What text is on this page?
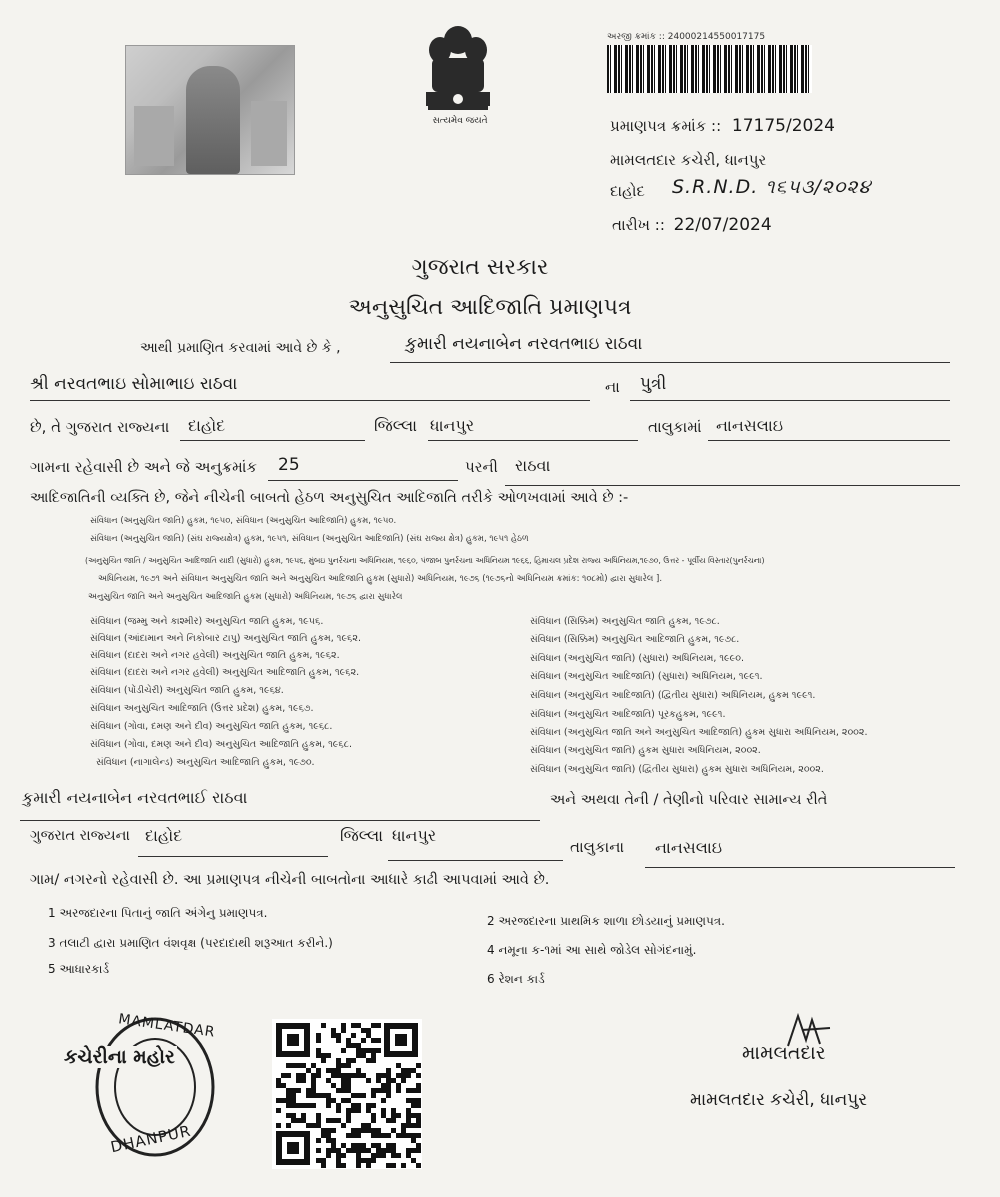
સત્યમેવ જયતે
અરજી ક્રમાંક :: 24000214550017175
પ્રમાણપત્ર ક્રમાંક :: 17175/2024
મામલતદાર કચેરી, ધાનપુર
દાહોદ S.R.N.D. ૧૬૫૩/૨૦૨૪
તારીખ :: 22/07/2024
ગુજરાત સરકાર
અનુસુચિત આદિજાતિ પ્રમાણપત્ર
આથી પ્રમાણિત કરવામાં આવે છે કે ,	કુમારી નયનાબેન નરવતભાઇ રાઠવા
શ્રી નરવતભાઇ સોમાભાઇ રાઠવા	ના પુત્રી
છે, તે ગુજરાત રાજ્યના દાહોદ	જિલ્લા ધાનપુર	તાલુકામાં નાનસલાઇ
ગામના રહેવાસી છે અને જે અનુક્રમાંક 25	પરની રાઠવા
આદિજાતિની વ્યક્તિ છે, જેને નીચેની બાબતો હેઠળ અનુસુચિત આદિજાતિ તરીકે ઓળખવામાં આવે છે :-
સંવિધાન (અનુસુચિત જાતિ) હુકમ, ૧૯૫૦, સંવિધાન (અનુસુચિત આદિજાતિ) હુકમ, ૧૯૫૦.
સંવિધાન (અનુસુચિત જાતિ) (સંઘ રાજ્યક્ષેત્ર) હુકમ, ૧૯૫૧, સંવિધાન (અનુસુચિત આદિજાતિ) (સંઘ રાજ્ય ક્ષેત્ર) હુકમ, ૧૯૫૧ હેઠળ
(અનુસુચિત જાતિ / અનુસુચિત આદિજાતિ યાદી (સુધારો) હુકમ, ૧૯૫૬, મુંબઇ પુનર્રચના અધિનિયમ, ૧૯૬૦, પંજાબ પુનર્રચના અધિનિયમ ૧૯૬૬, હિમાચલ પ્રદેશ રાજ્ય અધિનિયમ,૧૯૭૦, ઉત્તર - પૂર્વીય વિસ્તાર(પુનર્રચના)
અધિનિયમ, ૧૯૭૧ અને સંવિધાન અનુસુચિત જાતિ અને અનુસુચિત આદિજાતિ હુકમ (સુધારો) અધિનિયમ, ૧૯૭૬ (૧૯૭૬નો અધિનિયમ ક્રમાંક: ૧૦૮મો) દ્વારા સુધારેલ ].
અનુસુચિત જાતિ અને અનુસુચિત આદિજાતિ હુકમ (સુધારો) અધિનિયમ, ૧૯૭૬ દ્વારા સુધારેલ
સંવિધાન (જમ્મુ અને કાશ્મીર) અનુસુચિત જાતિ હુકમ, ૧૯૫૬.
સંવિધાન (આંદામાન અને નિકોબાર ટાપુ) અનુસુચિત જાતિ હુકમ, ૧૯૬૨.
સંવિધાન (દાદરા અને નગર હવેલી) અનુસુચિત જાતિ હુકમ, ૧૯૬૨.
સંવિધાન (દાદરા અને નગર હવેલી) અનુસુચિત આદિજાતિ હુકમ, ૧૯૬૨.
સંવિધાન (પોંડીચેરી) અનુસુચિત જાતિ હુકમ, ૧૯૬૪.
સંવિધાન અનુસુચિત આદિજાતિ (ઉત્તર પ્રદેશ) હુકમ, ૧૯૬૭.
સંવિધાન (ગોવા, દમણ અને દીવ) અનુસુચિત જાતિ હુકમ, ૧૯૬૮.
સંવિધાન (ગોવા, દમણ અને દીવ) અનુસુચિત આદિજાતિ હુકમ, ૧૯૬૮.
સંવિધાન (નાગાલેન્ડ) અનુસુચિત આદિજાતિ હુકમ, ૧૯૭૦.
સંવિધાન (સિક્કિમ) અનુસુચિત જાતિ હુકમ, ૧૯૭૮.
સંવિધાન (સિક્કિમ) અનુસુચિત આદિજાતિ હુકમ, ૧૯૭૮.
સંવિધાન (અનુસુચિત જાતિ) (સુધારા) અધિનિયમ, ૧૯૯૦.
સંવિધાન (અનુસુચિત આદિજાતિ) (સુધારા) અધિનિયમ, ૧૯૯૧.
સંવિધાન (અનુસુચિત આદિજાતિ) (દ્વિતીય સુધારા) અધિનિયમ, હુકમ ૧૯૯૧.
સંવિધાન (અનુસુચિત આદિજાતિ) પૂરકહુકમ, ૧૯૯૧.
સંવિધાન (અનુસુચિત જાતિ અને અનુસુચિત આદિજાતિ) હુકમ સુધારા અધિનિયમ, ૨૦૦૨.
સંવિધાન (અનુસુચિત જાતિ) હુકમ સુધારા અધિનિયમ, ૨૦૦૨.
સંવિધાન (અનુસુચિત જાતિ) (દ્વિતીય સુધારા) હુકમ સુધારા અધિનિયમ, ૨૦૦૨.
કુમારી નયનાબેન નરવતભાઈ રાઠવા	અને અથવા તેની / તેણીનો પરિવાર સામાન્ય રીતે
ગુજરાત રાજ્યના દાહોદ	જિલ્લા ધાનપુર
તાલુકાના નાનસલાઇ
ગામ/ નગરનો રહેવાસી છે. આ પ્રમાણપત્ર નીચેની બાબતોના આધારે કાઢી આપવામાં આવે છે.
1 અરજદારના પિતાનું જાતિ અંગેનુ પ્રમાણપત્ર.
3 તલાટી દ્વારા પ્રમાણિત વંશવૃક્ષ (પરદાદાથી શરૂઆત કરીને.)
5 આધારકાર્ડ
2 અરજદારના પ્રાથમિક શાળા છોડયાનું પ્રમાણપત્ર.
4 નમૂના ક-૧માં આ સાથે જોડેલ સોગંદનામું.
6 રેશન કાર્ડ
MAMLATDAR
કચેરીના મહોર
DHANPUR
મામલતદાર
મામલતદાર કચેરી, ધાનપુર
